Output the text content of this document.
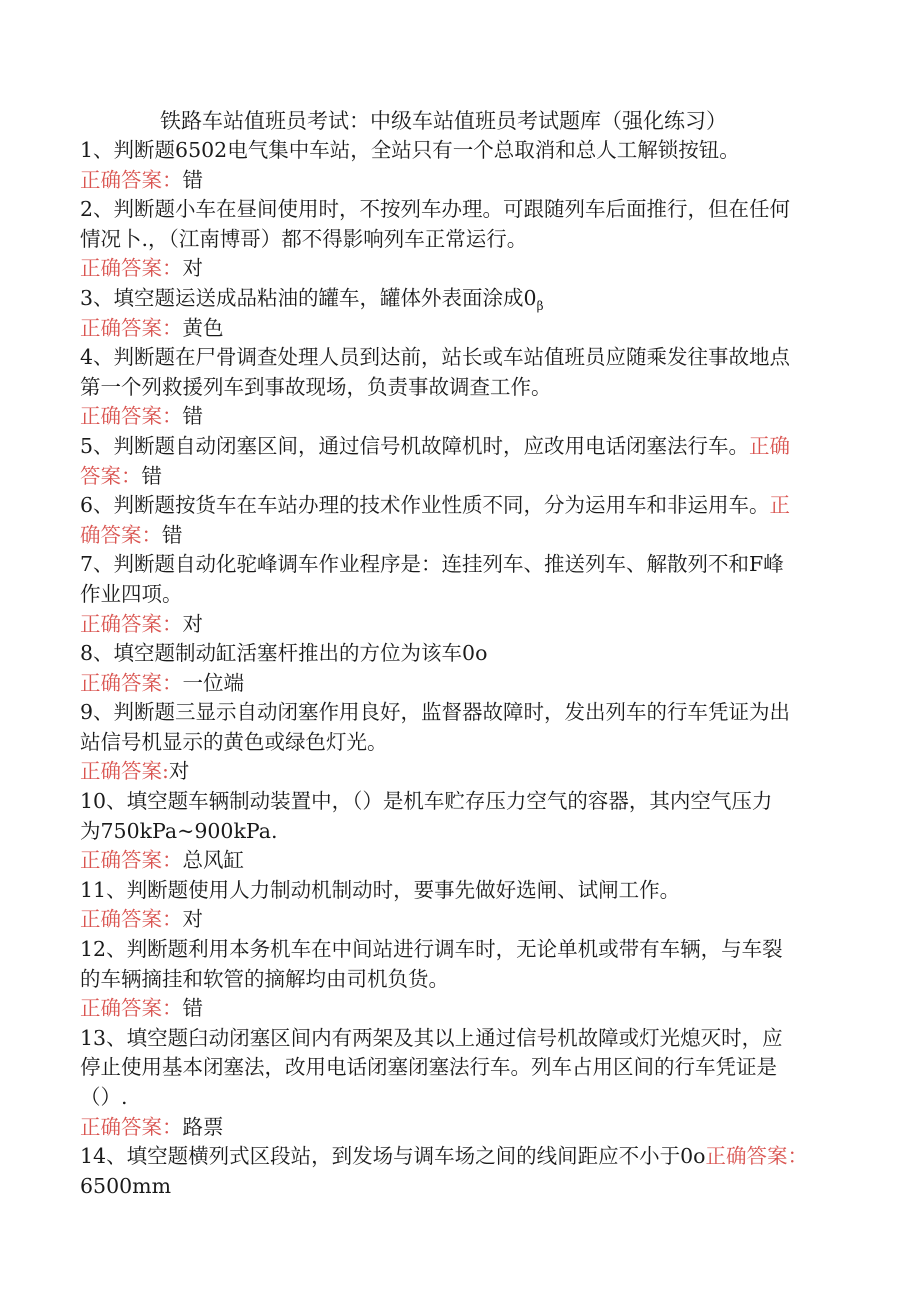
铁路车站值班员考试：中级车站值班员考试题库（强化练习）
1、判断题6502电气集中车站，全站只有一个总取消和总人工解锁按钮。
正确答案：错
2、判断题小车在昼间使用时，不按列车办理。可跟随列车后面推行，但在任何
情况卜.，（江南博哥）都不得影响列车正常运行。
正确答案：对
3、填空题运送成品粘油的罐车，罐体外表面涂成$0_\beta$
正确答案：黄色
4、判断题在尸骨调查处理人员到达前，站长或车站值班员应随乘发往事故地点
第一个列救援列车到事故现场，负责事故调查工作。
正确答案：错
5、判断题自动闭塞区间，通过信号机故障机时，应改用电话闭塞法行车。正确
答案：错
6、判断题按货车在车站办理的技术作业性质不同，分为运用车和非运用车。正
确答案：错
7、判断题自动化驼峰调车作业程序是：连挂列车、推送列车、解散列不和F峰
作业四项。
正确答案：对
8、填空题制动缸活塞杆推出的方位为该车0o
正确答案：一位端
9、判断题三显示自动闭塞作用良好，监督器故障时，发出列车的行车凭证为出
站信号机显示的黄色或绿色灯光。
正确答案:对
10、填空题车辆制动装置中，（）是机车贮存压力空气的容器，其内空气压力
为750kPa~900kPa.
正确答案：总风缸
11、判断题使用人力制动机制动时，要事先做好选闸、试闸工作。
正确答案：对
12、判断题利用本务机车在中间站进行调车时，无论单机或带有车辆，与车裂
的车辆摘挂和软管的摘解均由司机负货。
正确答案：错
13、填空题臼动闭塞区间内有两架及其以上通过信号机故障或灯光熄灭时，应
停止使用基本闭塞法，改用电话闭塞闭塞法行车。列车占用区间的行车凭证是
（）.
正确答案：路票
14、填空题横列式区段站，到发场与调车场之间的线间距应不小于0o正确答案：
6500mm
